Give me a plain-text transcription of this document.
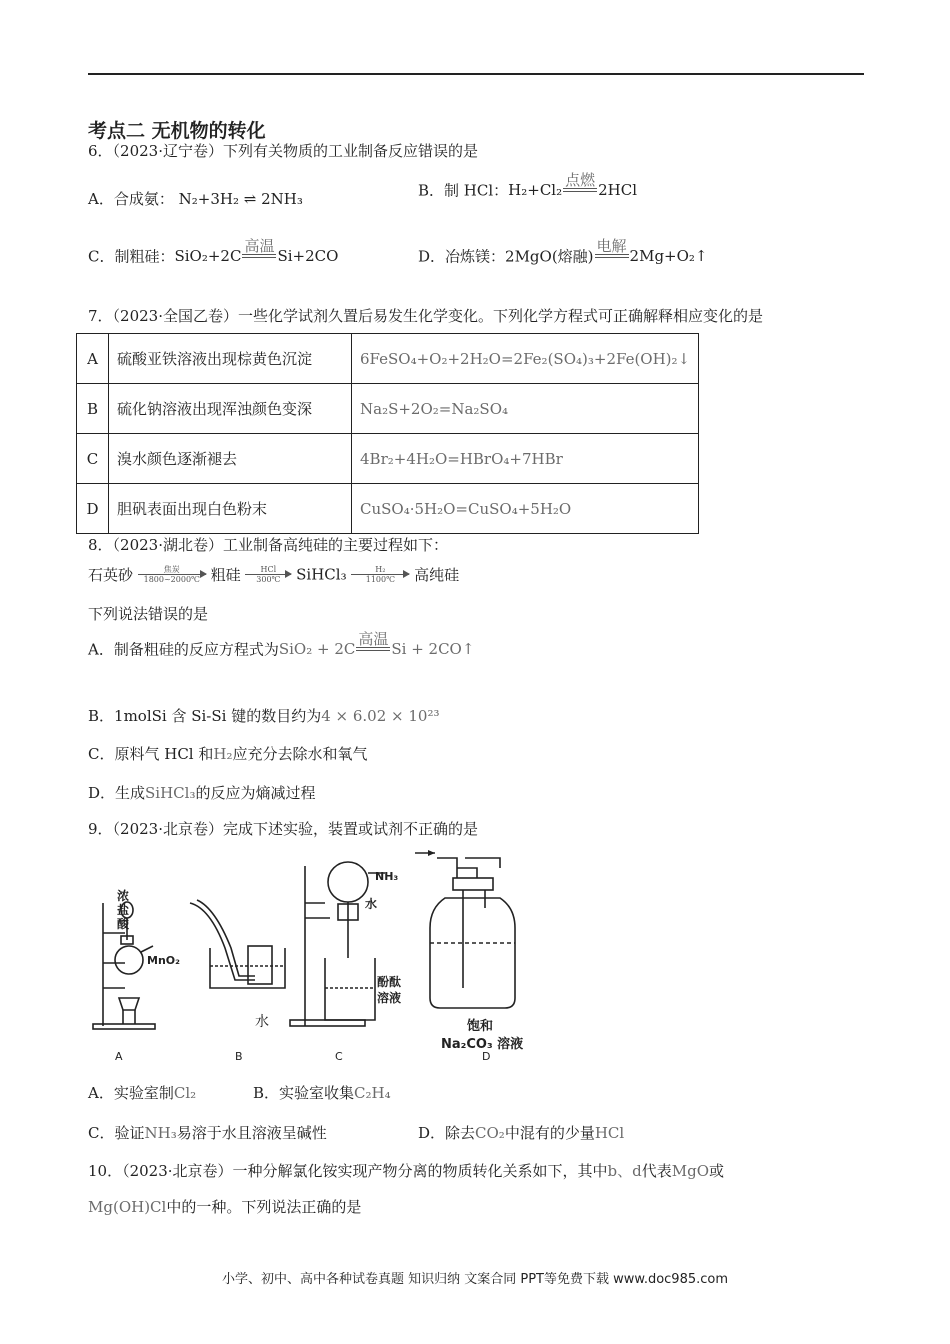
考点二 无机物的转化
6．（2023·辽宁卷）下列有关物质的工业制备反应错误的是
A．合成氨： N₂+3H₂ ⇌ 2NH₃	B．制 HCl：H₂+Cl₂
点燃

2HCl
C．制粗硅：SiO₂+2C
高温

Si+2CO	D．冶炼镁：2MgO(熔融)
电解

2Mg+O₂↑
7．（2023·全国乙卷）一些化学试剂久置后易发生化学变化。下列化学方程式可正确解释相应变化的是
A	硫酸亚铁溶液出现棕黄色沉淀	6FeSO₄+O₂+2H₂O=2Fe₂(SO₄)₃+2Fe(OH)₂↓
B	硫化钠溶液出现浑浊颜色变深	Na₂S+2O₂=Na₂SO₄
C	溴水颜色逐渐褪去	4Br₂+4H₂O=HBrO₄+7HBr
D	胆矾表面出现白色粉末	CuSO₄·5H₂O=CuSO₄+5H₂O
8．（2023·湖北卷）工业制备高纯硅的主要过程如下：
石英砂	焦炭
1800~2000℃ 粗硅	HCl
300℃	SiHCl₃ $\frac{\text{H₂}}{1100℃}$ 高纯硅
下列说法错误的是
A．制备粗硅的反应方程式为SiO₂ + 2C
高温

Si + 2CO↑
B．1molSi 含 Si-Si 键的数目约为4 × 6.02 × 10²³
C．原料气 HCl 和H₂应充分去除水和氧气
D．生成SiHCl₃的反应为熵减过程
9．（2023·北京卷）完成下述实验，装置或试剂不正确的是
浓
盐
酸
MnO₂
水
NH₃
水
酚酞
溶液
饱和
Na₂CO₃ 溶液
A	B	C	D
A．实验室制Cl₂	B．实验室收集C₂H₄
C．验证NH₃易溶于水且溶液呈碱性	D．除去CO₂中混有的少量HCl
10．（2023·北京卷）一种分解氯化铵实现产物分离的物质转化关系如下，其中b、d代表MgO或
Mg(OH)Cl中的一种。下列说法正确的是
小学、初中、高中各种试卷真题 知识归纳 文案合同 PPT等免费下载 www.doc985.com
